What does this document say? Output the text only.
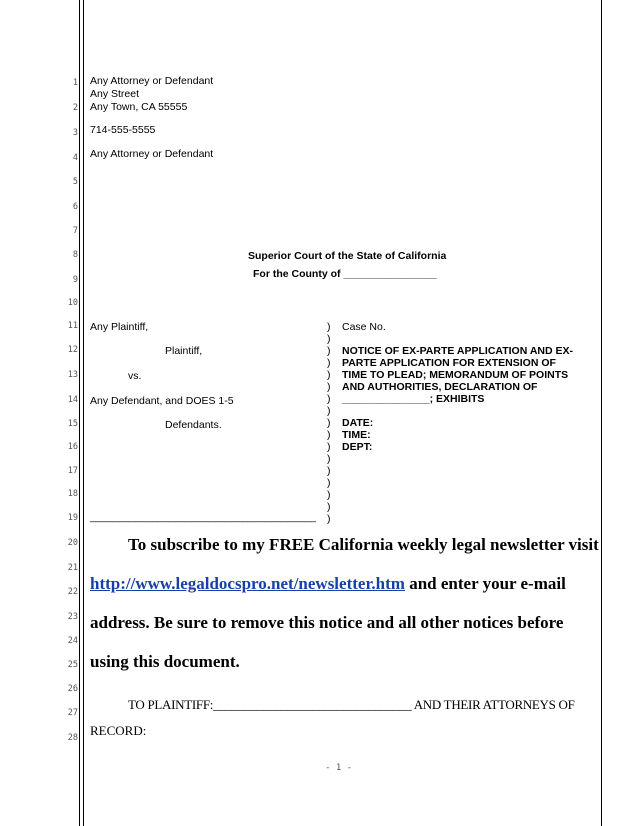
1
2
3
4
5
6
7
8
9
10
11
12
13
14
15
16
17
18
19
20
21
22
23
24
25
26
27
28
Any Attorney or Defendant
Any Street
Any Town, CA 55555
714-555-5555
Any Attorney or Defendant
Superior Court of the State of California
For the County of ________________
Any Plaintiff,
Plaintiff,
vs.
Any Defendant, and DOES 1-5
Defendants.
________________________________________
)
)
)
)
)
)
)
)
)
)
)
)
)
)
)
)
)
Case No.
NOTICE OF EX-PARTE APPLICATION AND EX-
PARTE APPLICATION FOR EXTENSION OF
TIME TO PLEAD; MEMORANDUM OF POINTS
AND AUTHORITIES, DECLARATION OF
_______________; EXHIBITS
DATE:
TIME:
DEPT:
To subscribe to my FREE California weekly legal newsletter visit
http://www.legaldocspro.net/newsletter.htm and enter your e-mail
address. Be sure to remove this notice and all other notices before
using this document.
TO PLAINTIFF:________________________________ AND THEIR ATTORNEYS OF
RECORD:
- 1 -
